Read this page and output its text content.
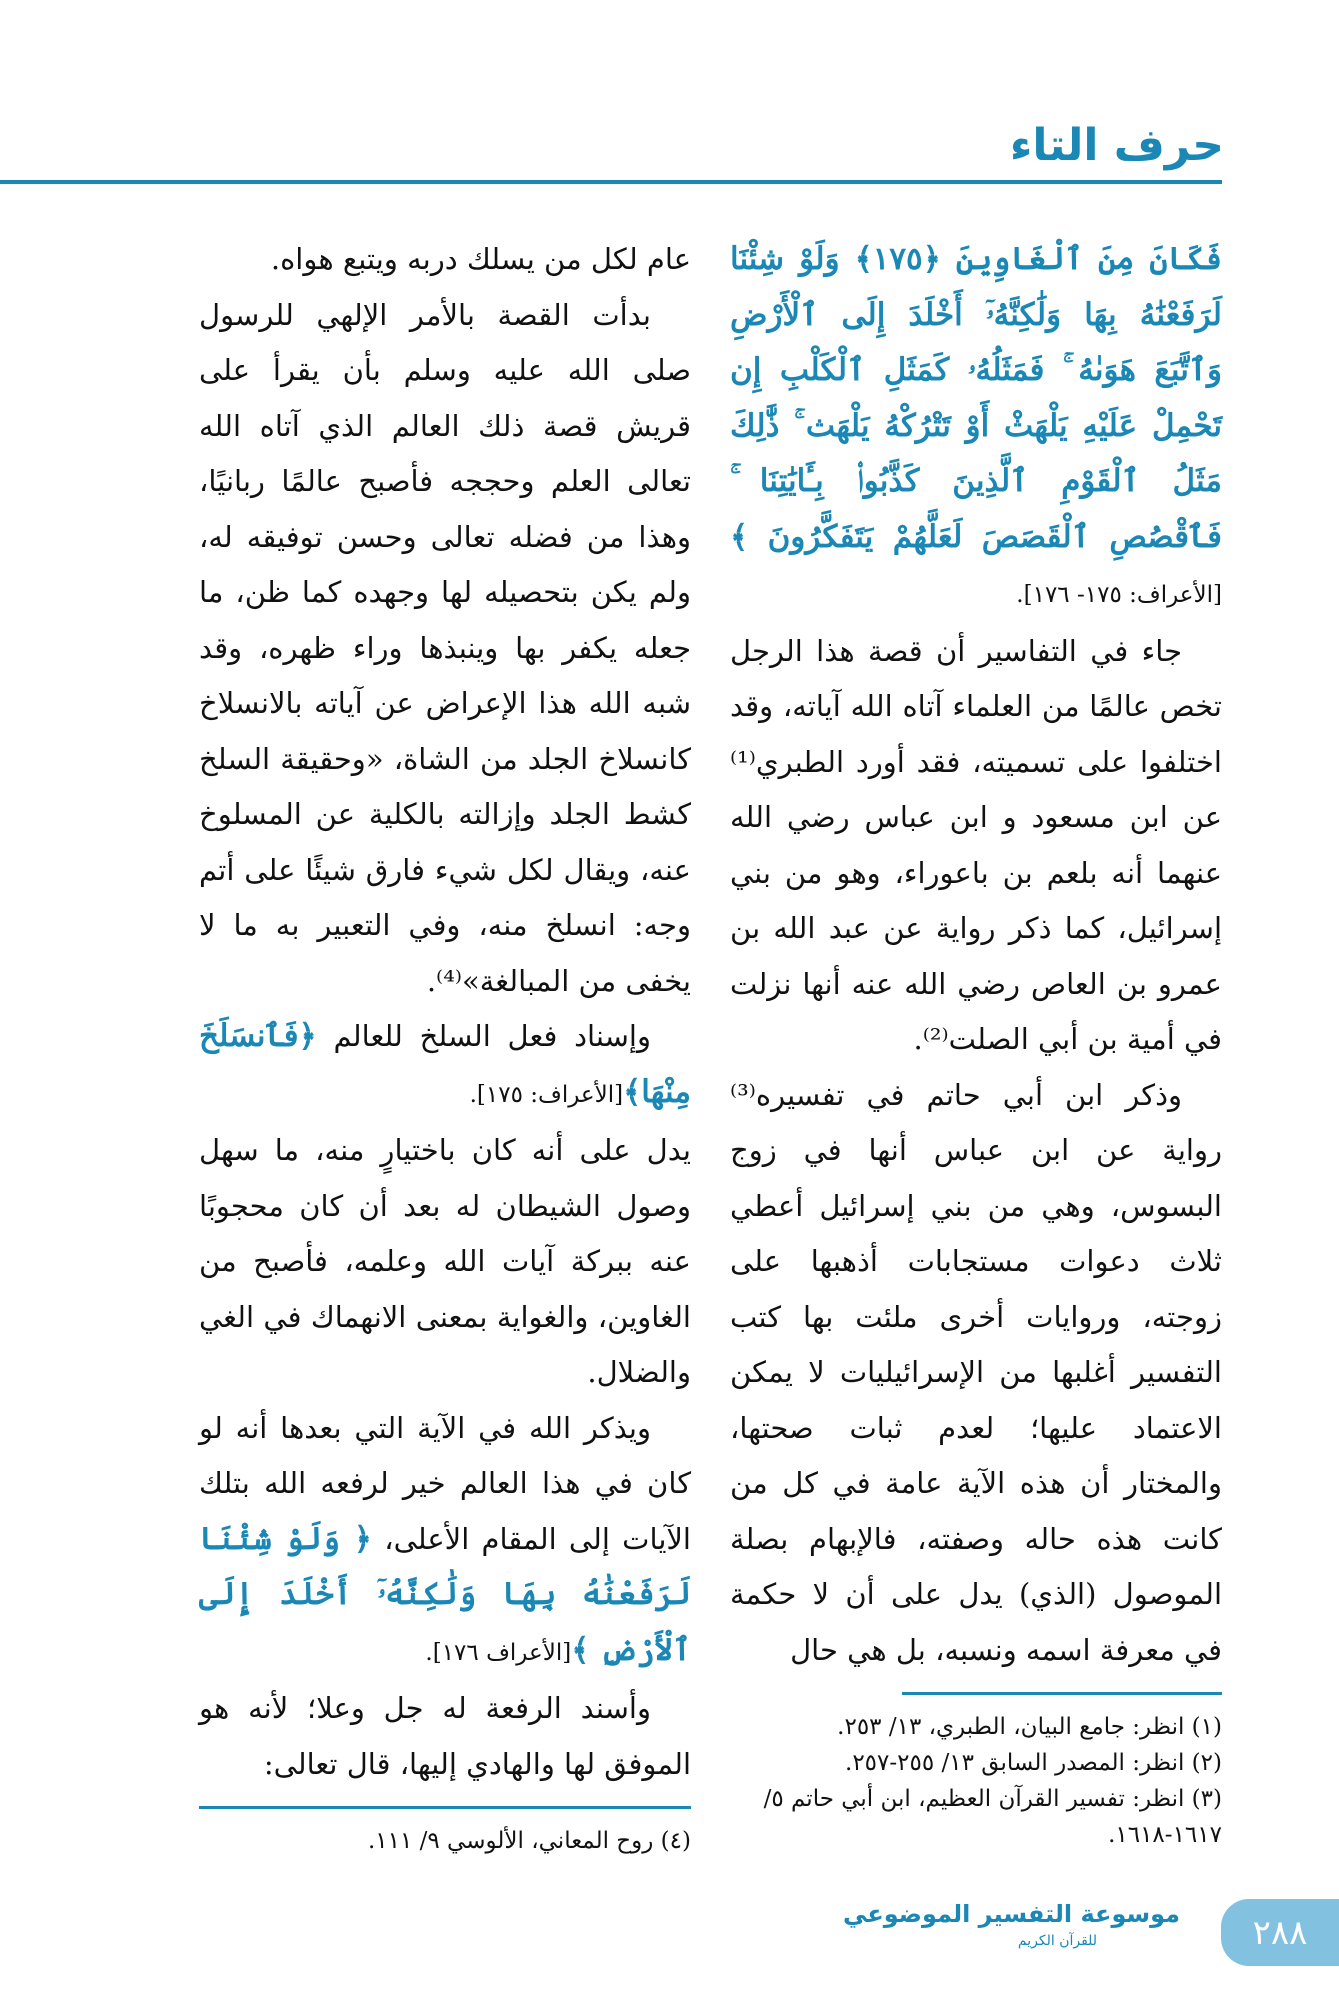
حرف التاء

فَكَانَ مِنَ ٱلْغَاوِينَ ﴿١٧٥﴾ وَلَوْ شِئْنَا لَرَفَعْنَٰهُ بِهَا وَلَٰكِنَّهُۥٓ أَخْلَدَ إِلَى ٱلْأَرْضِ وَٱتَّبَعَ هَوَىٰهُ ۚ فَمَثَلُهُۥ كَمَثَلِ ٱلْكَلْبِ إِن تَحْمِلْ عَلَيْهِ يَلْهَثْ أَوْ تَتْرُكْهُ يَلْهَث ۚ ذَّٰلِكَ مَثَلُ ٱلْقَوْمِ ٱلَّذِينَ كَذَّبُوا۟ بِـَٔايَٰتِنَا ۚ فَٱقْصُصِ ٱلْقَصَصَ لَعَلَّهُمْ يَتَفَكَّرُونَ ﴾[الأعراف: ١٧٥- ١٧٦].

جاء في التفاسير أن قصة هذا الرجل تخص عالمًا من العلماء آتاه الله آياته، وقد اختلفوا على تسميته، فقد أورد الطبري⁽¹⁾ عن ابن مسعود و ابن عباس رضي الله عنهما أنه بلعم بن باعوراء، وهو من بني إسرائيل، كما ذكر رواية عن عبد الله بن عمرو بن العاص رضي الله عنه أنها نزلت في أمية بن أبي الصلت⁽²⁾.

وذكر ابن أبي حاتم في تفسيره⁽³⁾ رواية عن ابن عباس أنها في زوج البسوس، وهي من بني إسرائيل أعطي ثلاث دعوات مستجابات أذهبها على زوجته، وروايات أخرى ملئت بها كتب التفسير أغلبها من الإسرائيليات لا يمكن الاعتماد عليها؛ لعدم ثبات صحتها، والمختار أن هذه الآية عامة في كل من كانت هذه حاله وصفته، فالإبهام بصلة الموصول (الذي) يدل على أن لا حكمة في معرفة اسمه ونسبه، بل هي حال

(١) انظر: جامع البيان، الطبري، ١٣/ ٢٥٣.
(٢) انظر: المصدر السابق ١٣/ ٢٥٥-٢٥٧.
(٣) انظر: تفسير القرآن العظيم، ابن أبي حاتم ٥/ ١٦١٧-١٦١٨.

عام لكل من يسلك دربه ويتبع هواه.

بدأت القصة بالأمر الإلهي للرسول صلى الله عليه وسلم بأن يقرأ على قريش قصة ذلك العالم الذي آتاه الله تعالى العلم وحججه فأصبح عالمًا ربانيًا، وهذا من فضله تعالى وحسن توفيقه له، ولم يكن بتحصيله لها وجهده كما ظن، ما جعله يكفر بها وينبذها وراء ظهره، وقد شبه الله هذا الإعراض عن آياته بالانسلاخ كانسلاخ الجلد من الشاة، «وحقيقة السلخ كشط الجلد وإزالته بالكلية عن المسلوخ عنه، ويقال لكل شيء فارق شيئًا على أتم وجه: انسلخ منه، وفي التعبير به ما لا يخفى من المبالغة»⁽⁴⁾.

وإسناد فعل السلخ للعالم ﴿فَٱنسَلَخَ مِنْهَا﴾[الأعراف: ١٧٥].

يدل على أنه كان باختيارٍ منه، ما سهل وصول الشيطان له بعد أن كان محجوبًا عنه ببركة آيات الله وعلمه، فأصبح من الغاوين، والغواية بمعنى الانهماك في الغي والضلال.

ويذكر الله في الآية التي بعدها أنه لو كان في هذا العالم خير لرفعه الله بتلك الآيات إلى المقام الأعلى، ﴿ وَلَوْ شِئْنَا لَرَفَعْنَٰهُ بِهَا وَلَٰكِنَّهُۥٓ أَخْلَدَ إِلَى ٱلْأَرْضِ ﴾[الأعراف ١٧٦].

وأسند الرفعة له جل وعلا؛ لأنه هو الموفق لها والهادي إليها، قال تعالى:

(٤) روح المعاني، الألوسي ٩/ ١١١.
موسوعة التفسير الموضوعي
للقرآن الكريم	٢٨٨
